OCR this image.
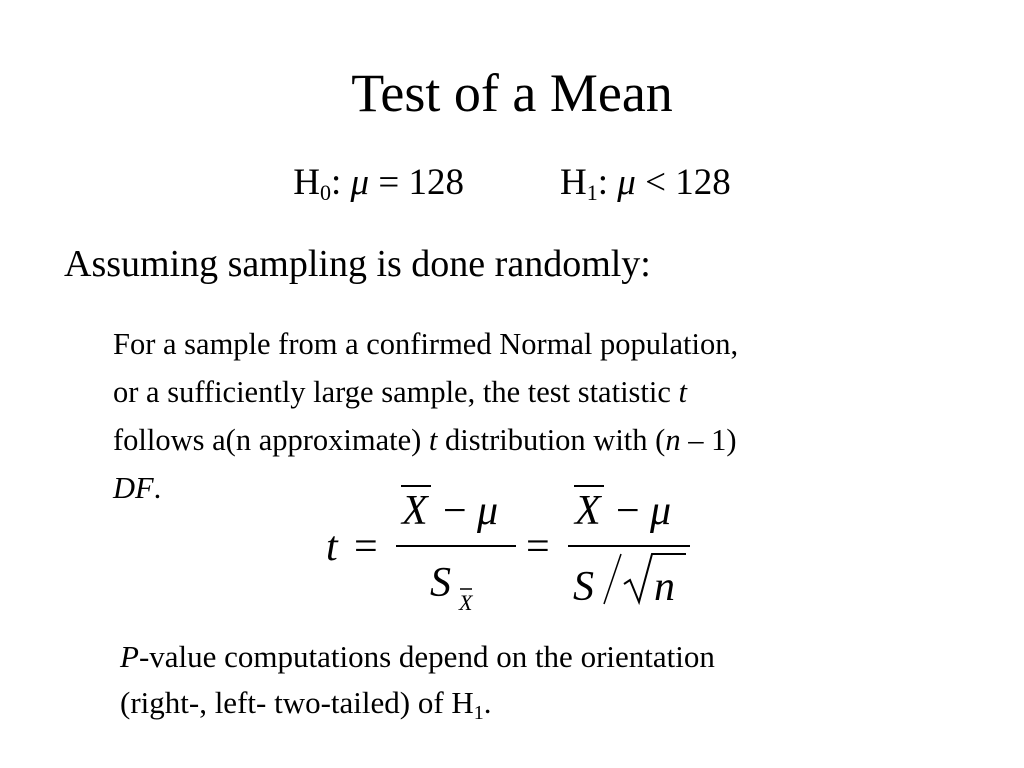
Test of a Mean
$H_0$: μ = 128	$H_1$: μ < 128
Assuming sampling is done randomly:

For a sample from a confirmed Normal population,

or a sufficiently large sample, the test statistic t

follows a(n approximate) t distribution with (n – 1)

DF.

t =
X − μ
S X
=
X − μ
S n

P-value computations depend on the orientation

(right-, left- two-tailed) of $H_1$.
